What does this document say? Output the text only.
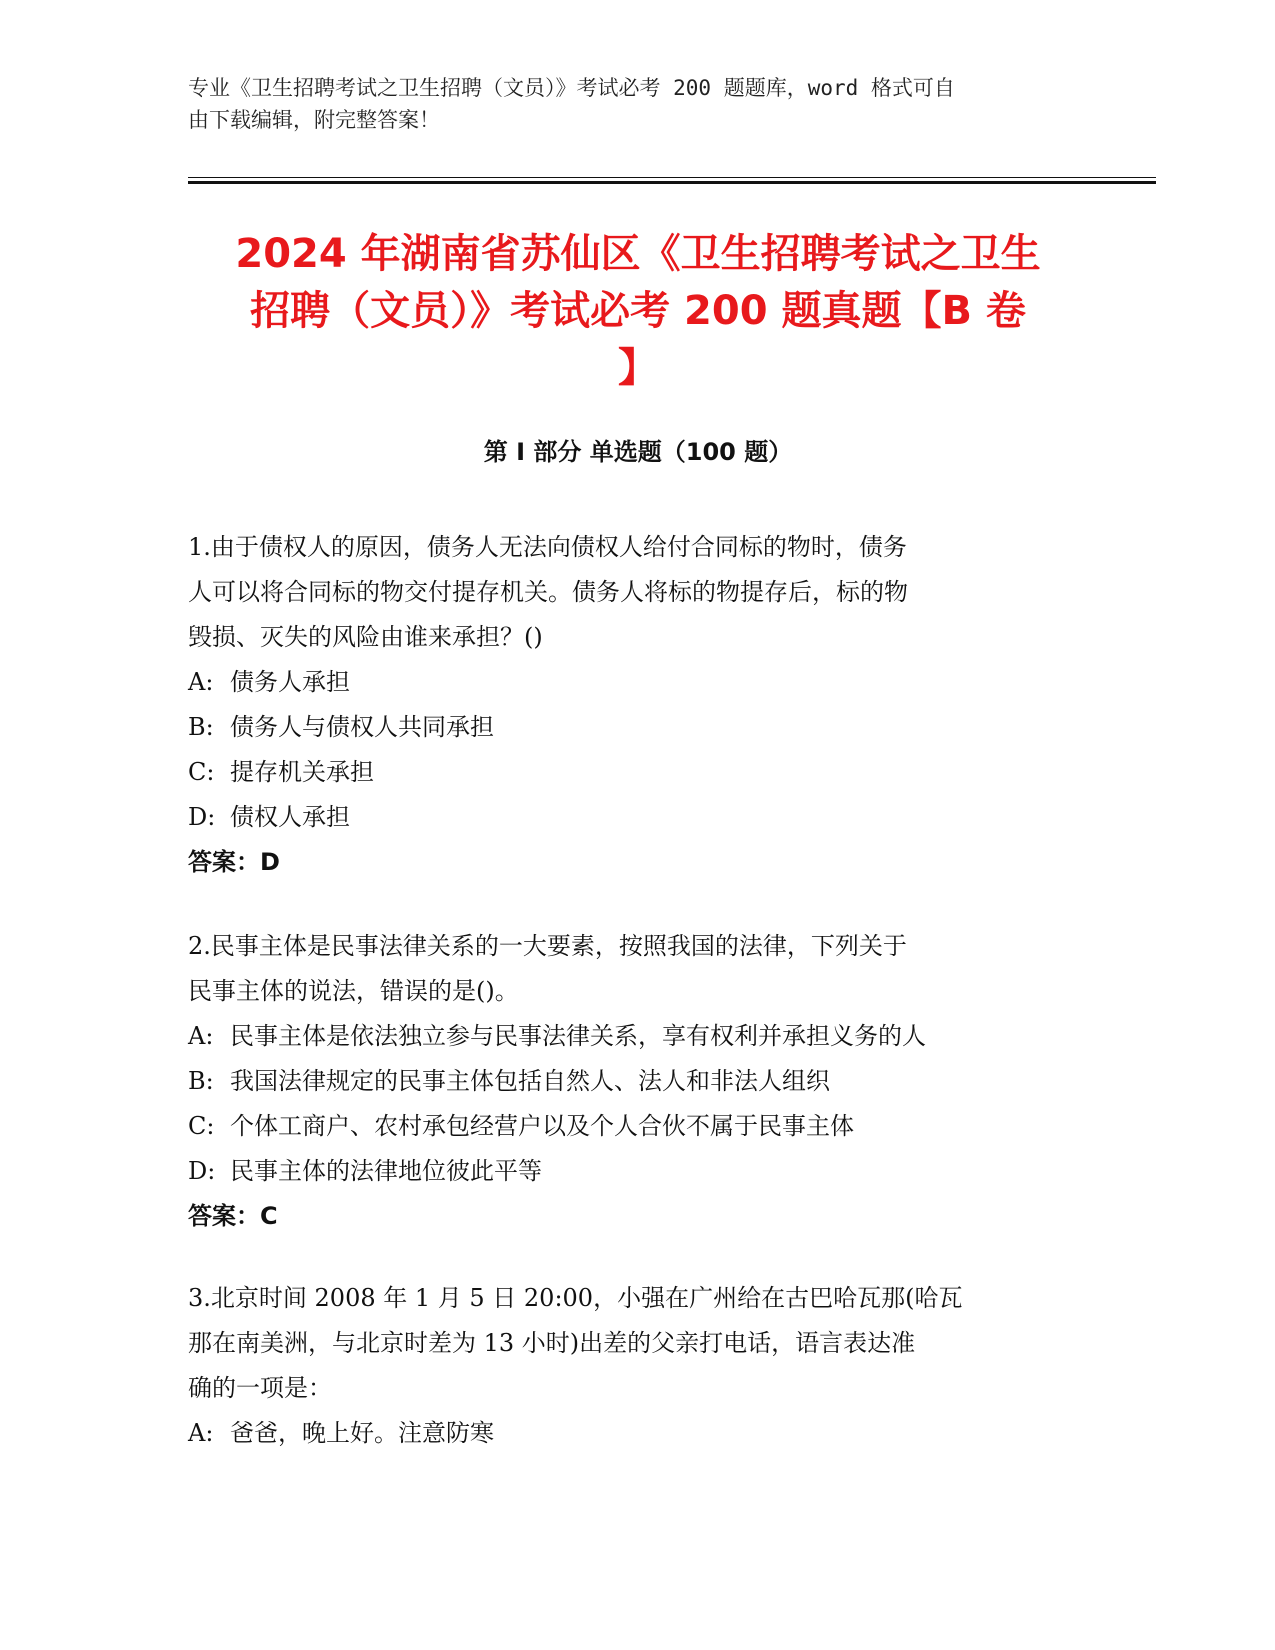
专业《卫生招聘考试之卫生招聘（文员）》考试必考 200 题题库，word 格式可自
由下载编辑，附完整答案！
2024 年湖南省苏仙区《卫生招聘考试之卫生
招聘（文员）》考试必考 200 题真题【B 卷
】
第 I 部分 单选题（100 题）
1.由于债权人的原因，债务人无法向债权人给付合同标的物时，债务
人可以将合同标的物交付提存机关。债务人将标的物提存后，标的物
毁损、灭失的风险由谁来承担？()
A: 债务人承担
B: 债务人与债权人共同承担
C: 提存机关承担
D: 债权人承担
答案：D
2.民事主体是民事法律关系的一大要素，按照我国的法律，下列关于
民事主体的说法，错误的是()。
A: 民事主体是依法独立参与民事法律关系，享有权利并承担义务的人
B: 我国法律规定的民事主体包括自然人、法人和非法人组织
C: 个体工商户、农村承包经营户以及个人合伙不属于民事主体
D: 民事主体的法律地位彼此平等
答案：C
3.北京时间 2008 年 1 月 5 日 20:00，小强在广州给在古巴哈瓦那(哈瓦
那在南美洲，与北京时差为 13 小时)出差的父亲打电话，语言表达准
确的一项是：
A: 爸爸，晚上好。注意防寒
